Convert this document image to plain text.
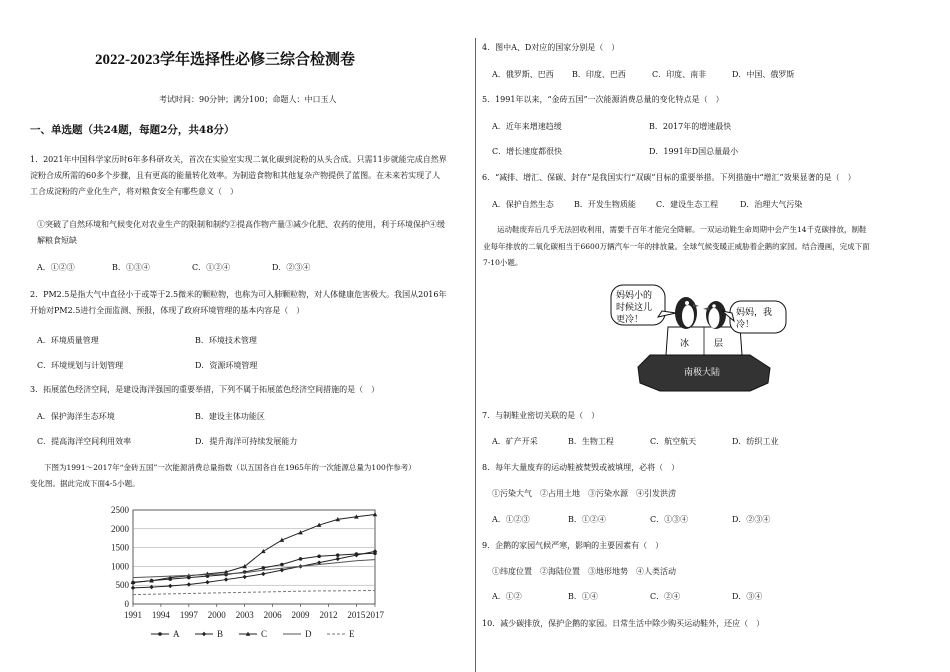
2022-2023学年选择性必修三综合检测卷
考试时间：90分钟；满分100；命题人：中口玉人
一、单选题（共24题，每题2分，共48分）
1．2021年中国科学家历时6年多科研攻关，首次在实验室实现二氧化碳到淀粉的从头合成。只需11步就能完成自然界
淀粉合成所需的60多个步骤，且有更高的能量转化效率。为制造食物和其他复杂产物提供了蓝图。在未来若实现了人
工合成淀粉的产业化生产，将对粮食安全有哪些意义（　）
①突破了自然环境和气候变化对农业生产的限制和制约②提高作物产量③减少化肥、农药的使用，利于环境保护④缓
解粮食短缺
A．①②③	B．①③④	C．①②④	D．②③④
2．PM2.5是指大气中直径小于或等于2.5微米的颗粒物，也称为可入肺颗粒物，对人体健康危害极大。我国从2016年
开始对PM2.5进行全面监测、预报，体现了政府环境管理的基本内容是（　）
A．环境质量管理	B．环境技术管理
C．环境规划与计划管理	D．资源环境管理
3．拓展蓝色经济空间，是建设海洋强国的重要举措，下列不属于拓展蓝色经济空间措施的是（　）
A．保护海洋生态环境	B．建设主体功能区
C．提高海洋空间利用效率	D．提升海洋可持续发展能力
下图为1991～2017年“金砖五国”一次能源消费总量指数（以五国各自在1965年的一次能源总量为100作参考）
变化图。据此完成下面4-5小题。
2500
2000
1500
1000
500
0
1991 1994 1997 2000 2003 2006 2009 2012 2015 2017
A	B	C	D	E
4．图中A、D对应的国家分别是（　）
A．俄罗斯、巴西	B．印度、巴西	C．印度、南非	D．中国、俄罗斯
5．1991年以来，“金砖五国”一次能源消费总量的变化特点是（　）
A．近年来增速趋缓	B．2017年的增速最快
C．增长速度都很快	D．1991年D国总量最小
6．“减排、增汇、保碳、封存”是我国实行“双碳”目标的重要举措。下列措施中“增汇”效果显著的是（　）
A．保护自然生态	B．开发生物质能	C．建设生态工程	D．治理大气污染
运动鞋废弃后几乎无法回收利用，需要千百年才能完全降解。一双运动鞋生命周期中会产生14千克碳排放，制鞋
业每年排放的二氧化碳相当于6600万辆汽车一年的排放量。全球气候变暖正威胁着企鹅的家园。结合漫画，完成下面
7-10小题。
妈妈小的
时候这儿
更冷！
妈妈，我
冷！
冰	层
南极大陆
7．与制鞋业密切关联的是（　）
A．矿产开采	B．生物工程	C．航空航天	D．纺织工业
8．每年大量废弃的运动鞋被焚毁或被填埋，必将（　）
①污染大气　②占用土地　③污染水源　④引发洪涝
A．①②③	B．①②④	C．①③④	D．②③④
9．企鹅的家园气候严寒，影响的主要因素有（　）
①纬度位置　②海陆位置　③地形地势　④人类活动
A．①②	B．①④	C．②④	D．③④
10．减少碳排放，保护企鹅的家园。日常生活中除少购买运动鞋外，还应（　）
